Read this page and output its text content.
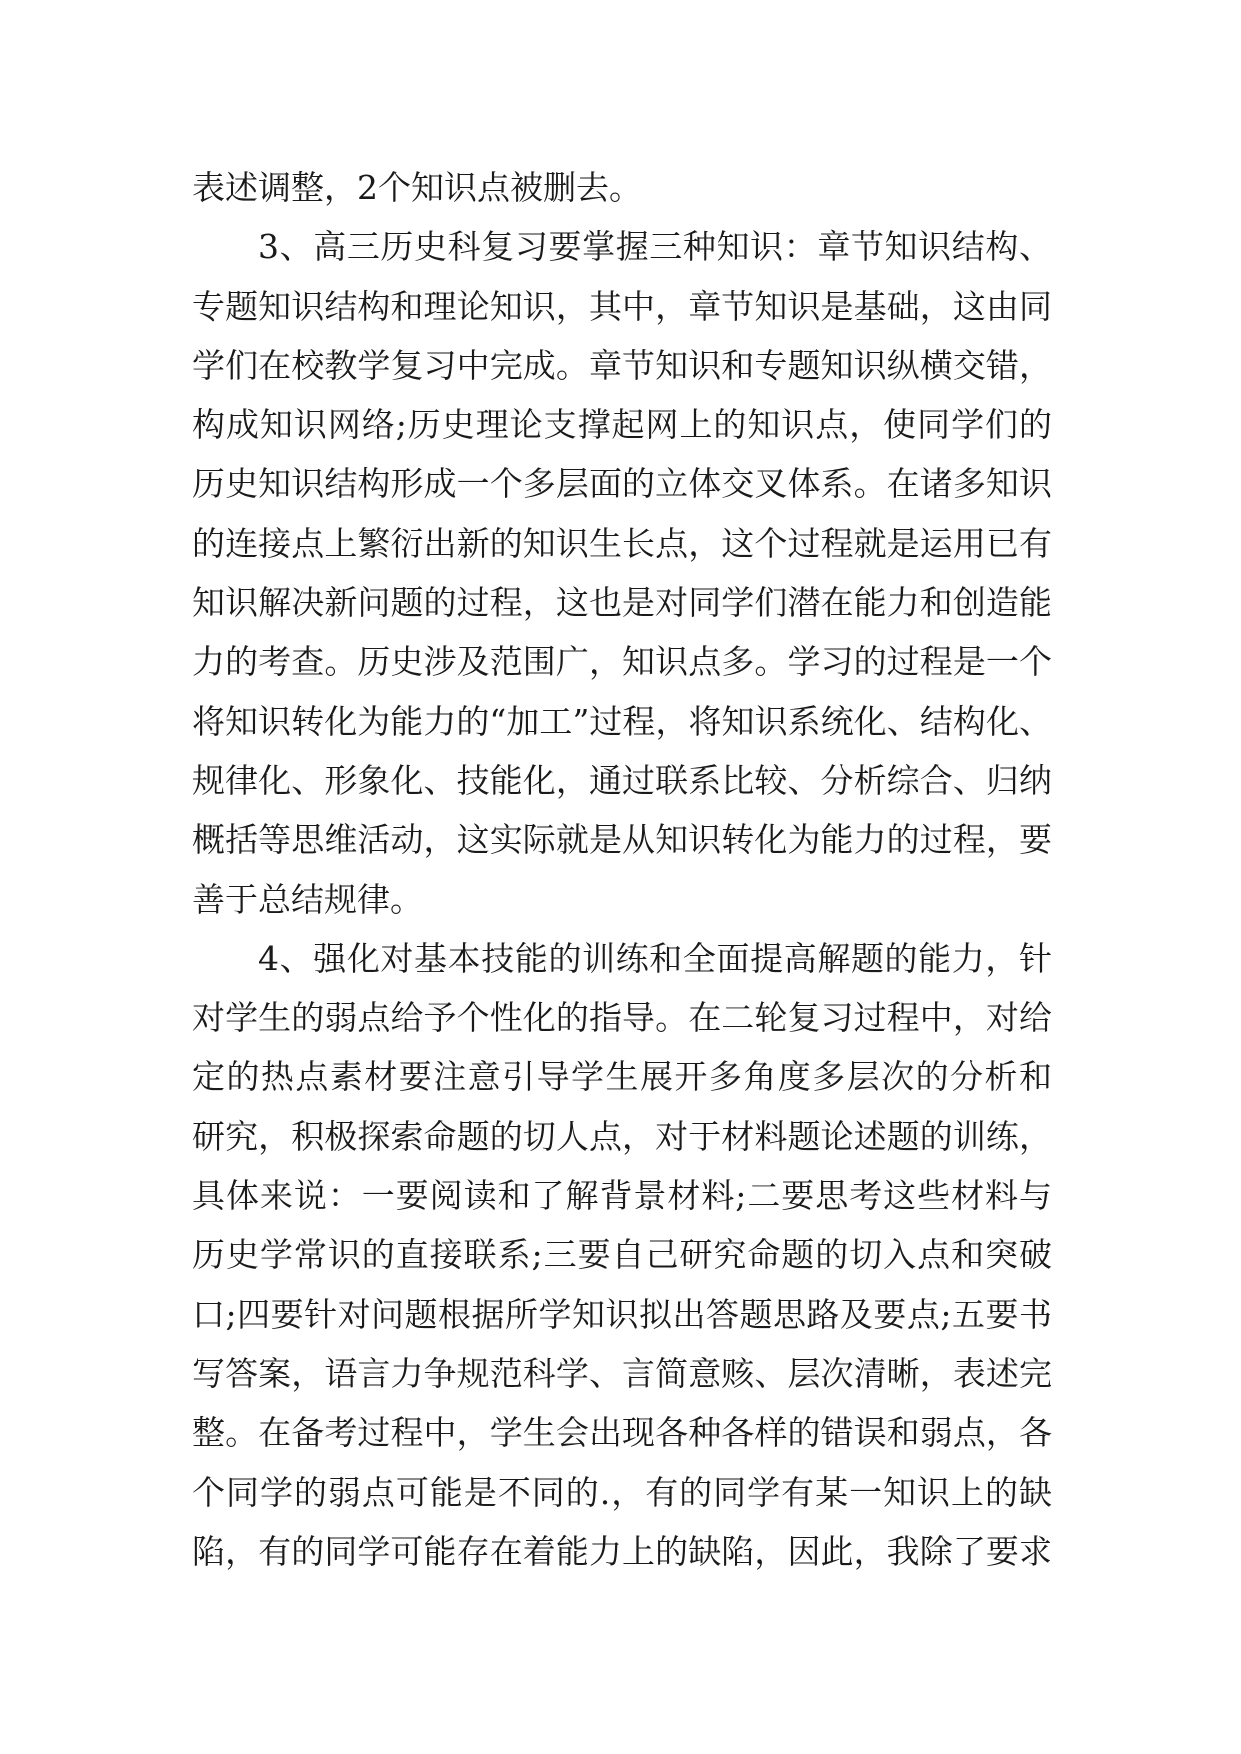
表述调整，2个知识点被删去。
3、高三历史科复习要掌握三种知识：章节知识结构、
专题知识结构和理论知识，其中，章节知识是基础，这由同
学们在校教学复习中完成。章节知识和专题知识纵横交错，
构成知识网络;历史理论支撑起网上的知识点，使同学们的
历史知识结构形成一个多层面的立体交叉体系。在诸多知识
的连接点上繁衍出新的知识生长点，这个过程就是运用已有
知识解决新问题的过程，这也是对同学们潜在能力和创造能
力的考查。历史涉及范围广，知识点多。学习的过程是一个
将知识转化为能力的“加工”过程，将知识系统化、结构化、
规律化、形象化、技能化，通过联系比较、分析综合、归纳
概括等思维活动，这实际就是从知识转化为能力的过程，要
善于总结规律。
4、强化对基本技能的训练和全面提高解题的能力，针
对学生的弱点给予个性化的指导。在二轮复习过程中，对给
定的热点素材要注意引导学生展开多角度多层次的分析和
研究，积极探索命题的切人点，对于材料题论述题的训练，
具体来说：一要阅读和了解背景材料;二要思考这些材料与
历史学常识的直接联系;三要自己研究命题的切入点和突破
口;四要针对问题根据所学知识拟出答题思路及要点;五要书
写答案，语言力争规范科学、言简意赅、层次清晰，表述完
整。在备考过程中，学生会出现各种各样的错误和弱点，各
个同学的弱点可能是不同的.，有的同学有某一知识上的缺
陷，有的同学可能存在着能力上的缺陷，因此，我除了要求
